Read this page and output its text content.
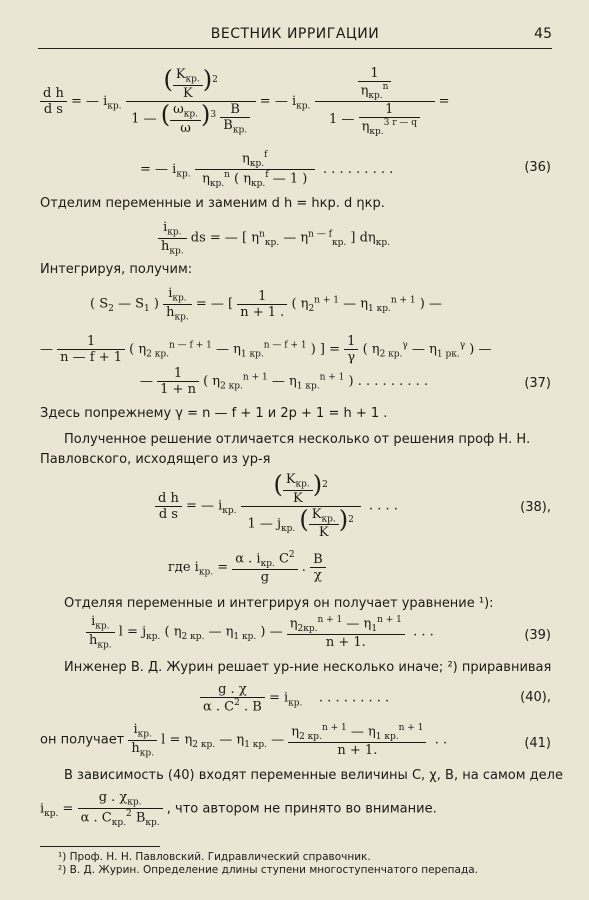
ВЕСТНИК ИРРИГАЦИИ	45
$\frac{\text{d h}}{\text{d s}}$ = — $i_{кр.} \frac{( \frac{K_{кр.}}{K} )^2}{1 — ( \frac{\omega_{кр.}}{\omega} )^3 \frac{B}{B_{кр.}}}$ = — $i_{кр.} \frac{\frac{1}{\eta_{кр.}^n}}{1 — \frac{1}{\eta_{кр.}^{3 r — q}}}$ =
= — $i_{кр.} \frac{\eta_{кр.}^f}{\eta_{кр.}^n ( \eta_{кр.}^f — 1 )}$ . . . . . . . . .	(36)
Отделим переменные и заменим d h = hкр. d ηкр.
$\frac{i_{кр.}}{h_{кр.}}$ ds = — [ $\eta^n_{кр.}$ — $\eta^{n — f}_{кр.}$ ] $d\eta_{кр.}$
Интегрируя, получим:
( $S_2$ — $S_1$ ) $\frac{i_{кр.}}{h_{кр.}}$ = — [ $\frac{1}{n + 1 .}$ ( $\eta_2^{n + 1}$ — $\eta_{1 кр.}^{n + 1}$ ) —
— $\frac{1}{n — f + 1}$ ( $\eta_{2 кр.}^{n — f + 1}$ — $\eta_{1 кр.}^{n — f + 1}$ ) ] = $\frac{1}{\gamma}$ ( $\eta_{2 кр.}^\gamma$ — $\eta_{1 рк.}^\gamma$ ) —
— $\frac{1}{1 + n}$ ( $\eta_{2 кр.}^{n + 1}$ — $\eta_{1 кр.}^{n + 1}$ ) . . . . . . . . .	(37)
Здесь попрежнему γ = n — f + 1 и 2p + 1 = h + 1 .
Полученное решение отличается несколько от решения проф Н. Н.
Павловского, исходящего из ур-я
$\frac{\text{d h}}{\text{d s}}$ = — $i_{кр.} \frac{( \frac{K_{кр.}}{K} )^2}{1 — j_{кр.} ( \frac{K_{кр.}}{K} )^2}$ . . . .	(38),
где $i_{кр.} = \frac{\alpha . i_{кр.} C^2}{g}$ . $\frac{B}{\chi}$
Отделяя переменные и интегрируя он получает уравнение ¹):
$\frac{i_{кр.}}{h_{кр.}}$ $l = j_{кр.}$ ( $\eta_{2 кр.}$ — $\eta_{1 кр.}$ ) — $\frac{\eta_{2кр.}^{n + 1} — \eta_1^{n + 1}}{n + 1.}$ . . .	(39)
Инженер В. Д. Журин решает ур-ние несколько иначе; ²) приравнивая
$\frac{g . \chi}{\alpha . C^2 . B} = i_{кр.}$    . . . . . . . . .	(40),
он получает $\frac{i_{кр.}}{h_{кр.}}$ $l = \eta_{2 кр.}$ — $\eta_{1 кр.}$ — $\frac{\eta_{2 кр.}^{n + 1} — \eta_{1 кр.}^{n + 1}}{n + 1.}$ . .	(41)
В зависимость (40) входят переменные величины C, χ, B, на самом деле
$i_{кр.} = \frac{g . \chi_{кр.}}{\alpha . C_{кр.}^2 B_{кр.}}$ , что автором не принято во внимание.
¹) Проф. Н. Н. Павловский. Гидравлический справочник.
²) В. Д. Журин. Определение длины ступени многоступенчатого перепада.
